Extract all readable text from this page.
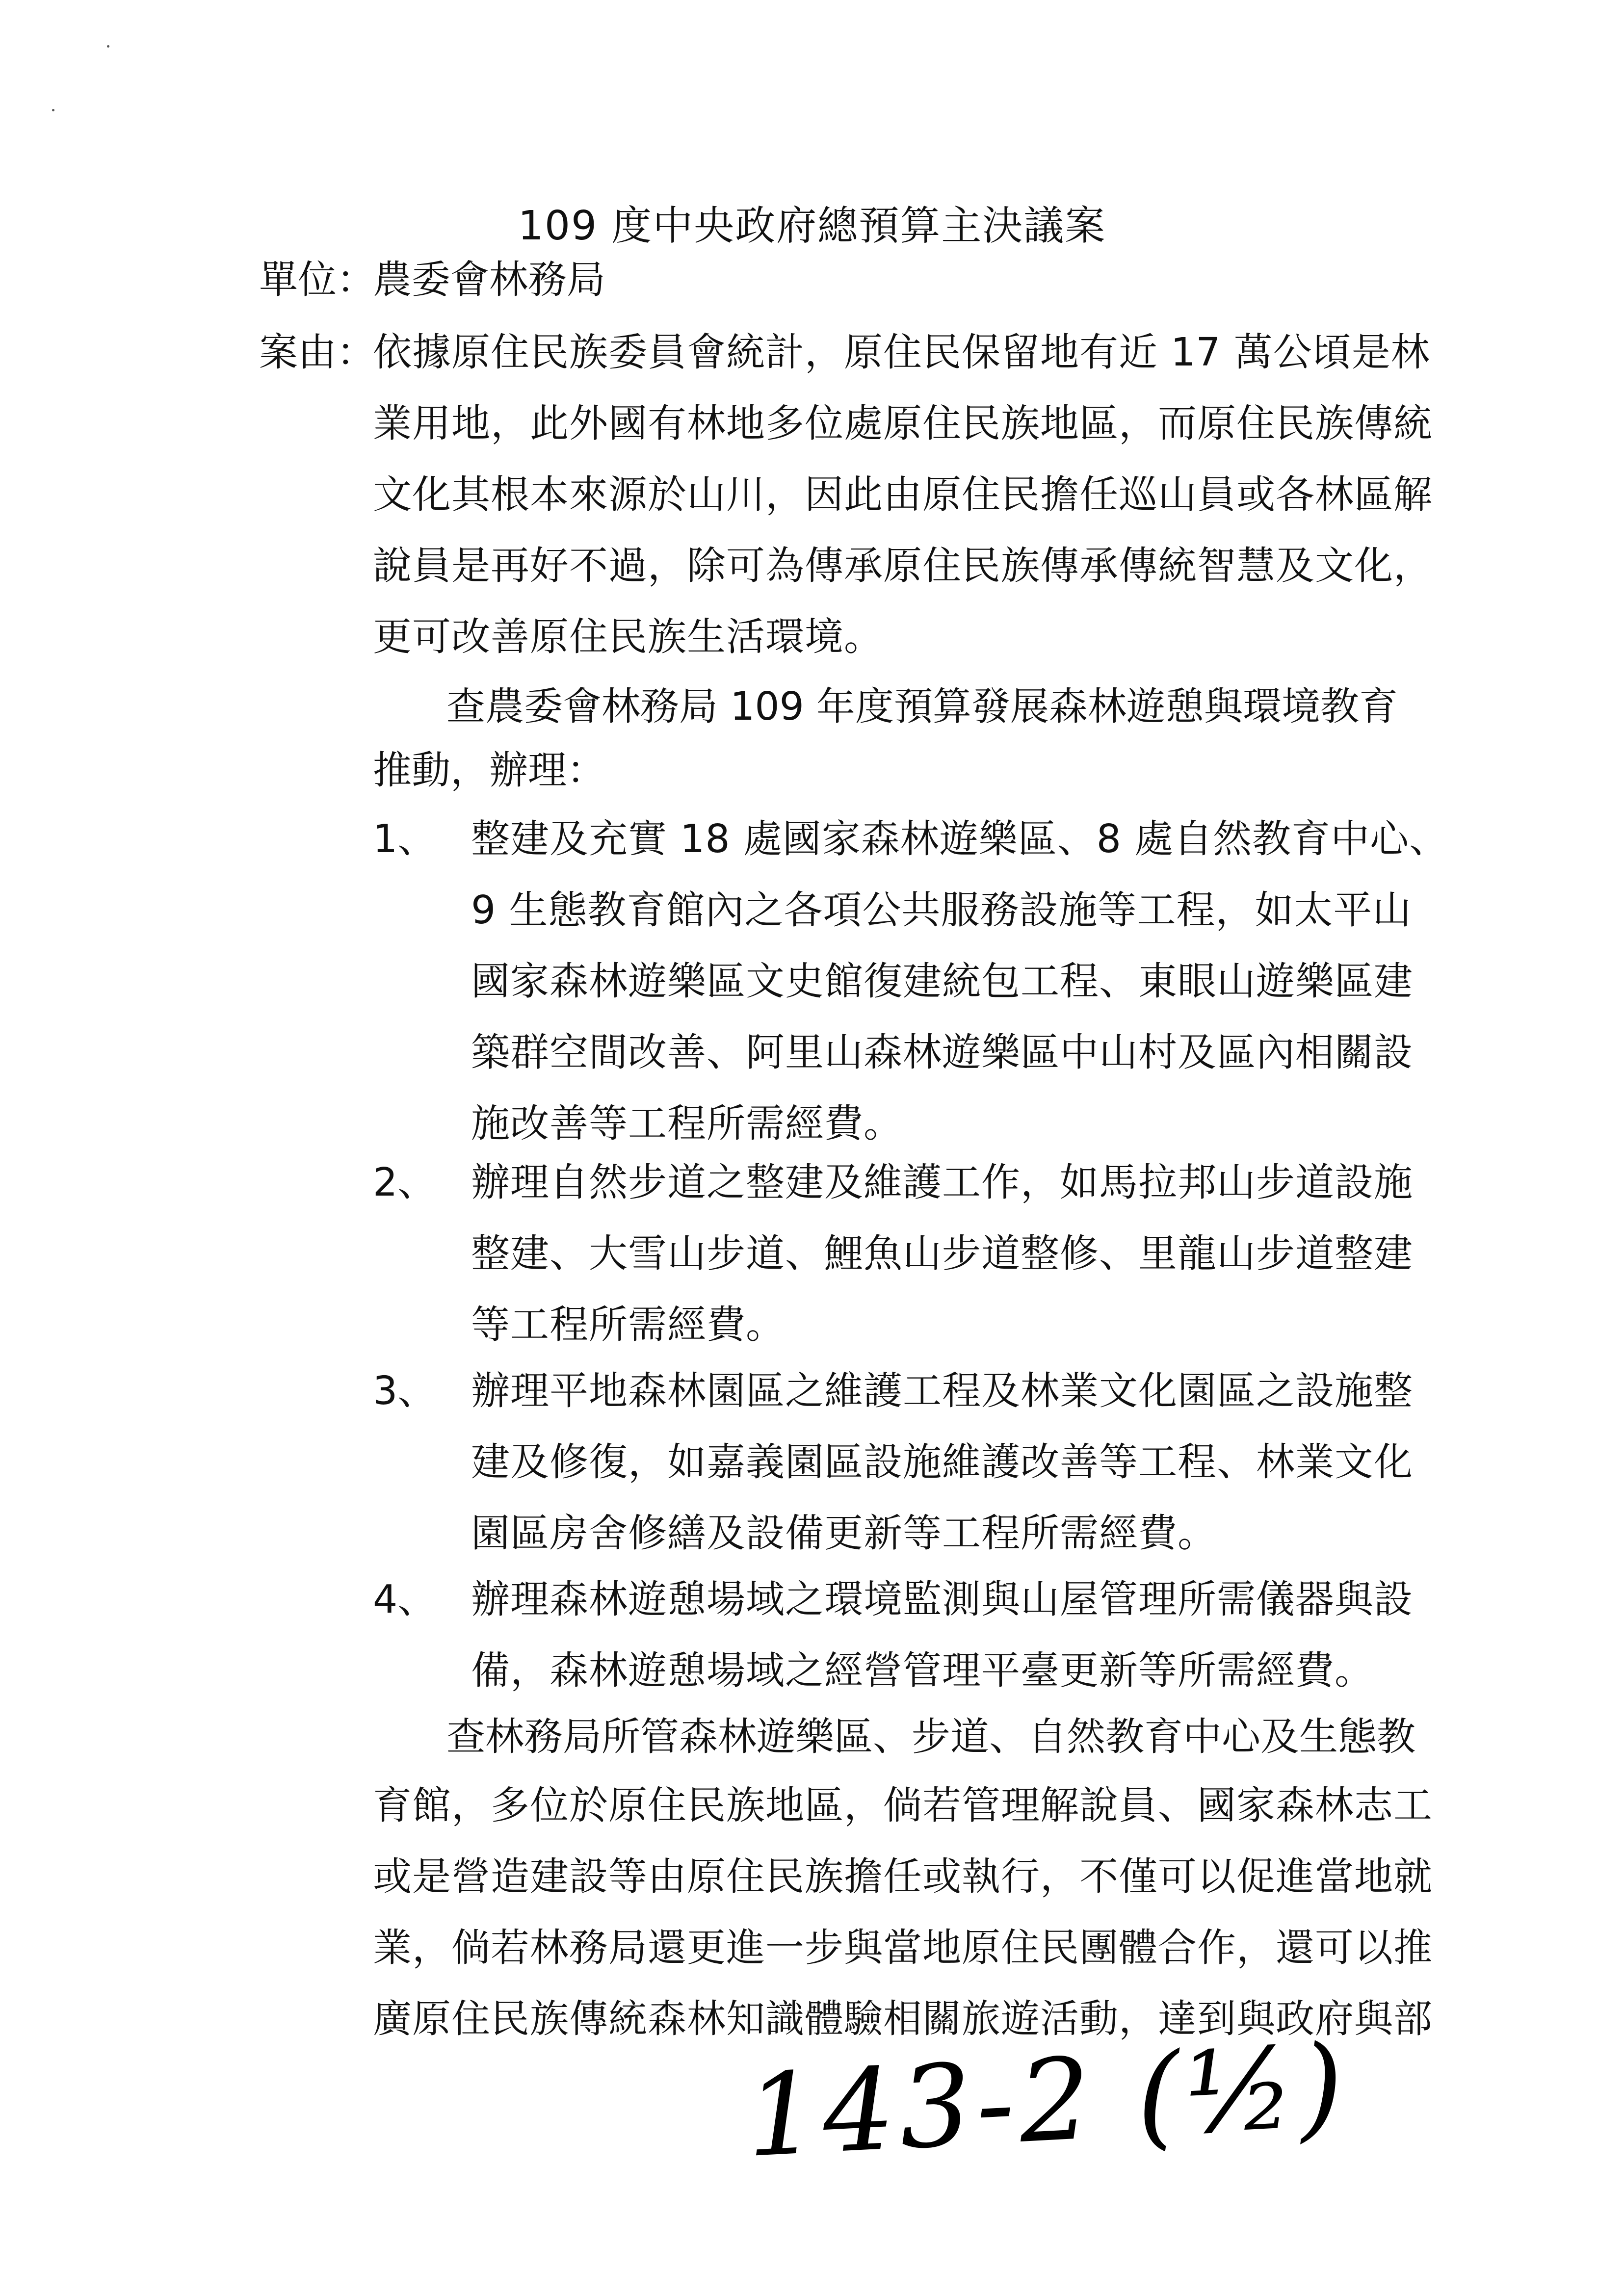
109 度中央政府總預算主決議案
單位：
農委會林務局
案由：
依據原住民族委員會統計，原住民保留地有近 17 萬公頃是林
業用地，此外國有林地多位處原住民族地區，而原住民族傳統
文化其根本來源於山川，因此由原住民擔任巡山員或各林區解
說員是再好不過，除可為傳承原住民族傳承傳統智慧及文化，
更可改善原住民族生活環境。
查農委會林務局 109 年度預算發展森林遊憩與環境教育
推動，辦理：
1、 整建及充實 18 處國家森林遊樂區、8 處自然教育中心、
9 生態教育館內之各項公共服務設施等工程，如太平山
國家森林遊樂區文史館復建統包工程、東眼山遊樂區建
築群空間改善、阿里山森林遊樂區中山村及區內相關設
施改善等工程所需經費。
2、 辦理自然步道之整建及維護工作，如馬拉邦山步道設施
整建、大雪山步道、鯉魚山步道整修、里龍山步道整建
等工程所需經費。
3、 辦理平地森林園區之維護工程及林業文化園區之設施整
建及修復，如嘉義園區設施維護改善等工程、林業文化
園區房舍修繕及設備更新等工程所需經費。
4、 辦理森林遊憩場域之環境監測與山屋管理所需儀器與設
備，森林遊憩場域之經營管理平臺更新等所需經費。
查林務局所管森林遊樂區、步道、自然教育中心及生態教
育館，多位於原住民族地區，倘若管理解說員、國家森林志工
或是營造建設等由原住民族擔任或執行，不僅可以促進當地就
業，倘若林務局還更進一步與當地原住民團體合作，還可以推
廣原住民族傳統森林知識體驗相關旅遊活動，達到與政府與部
143-2 (½)
